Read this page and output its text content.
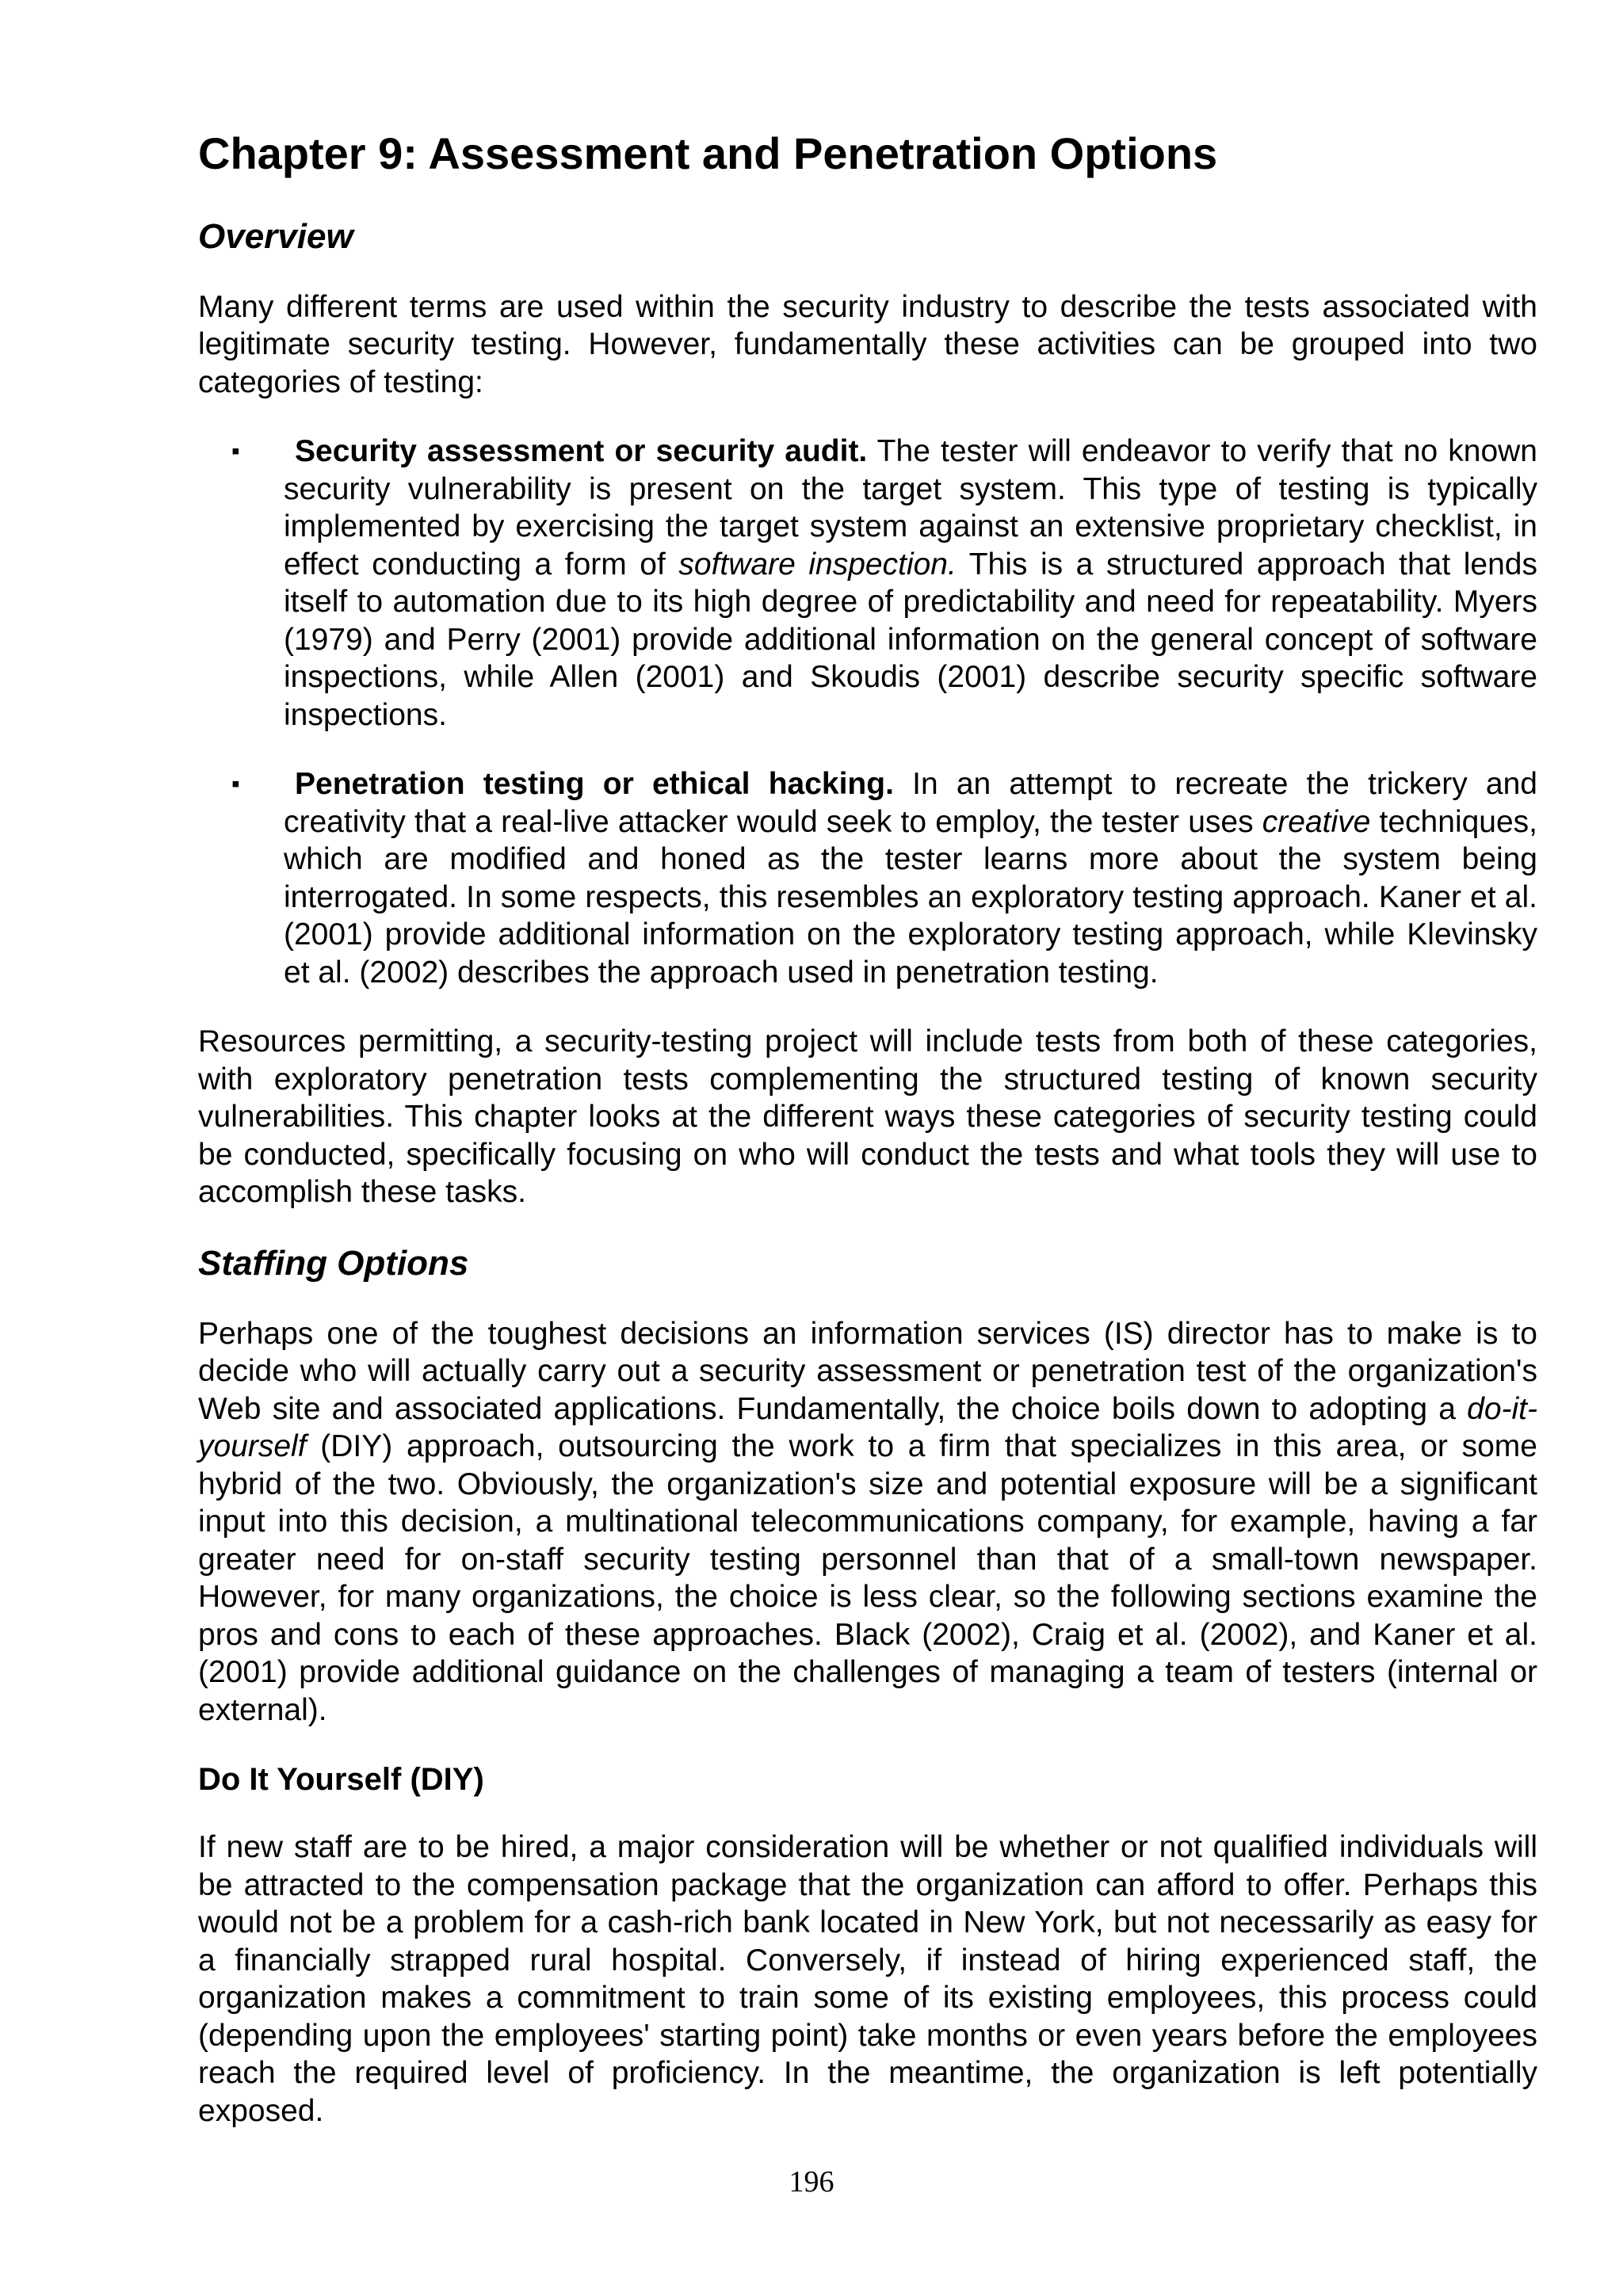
Chapter 9: Assessment and Penetration Options
Overview

Many different terms are used within the security industry to describe the tests associated with legitimate security testing. However, fundamentally these activities can be grouped into two categories of testing:

▪ Security assessment or security audit. The tester will endeavor to verify that no known security vulnerability is present on the target system. This type of testing is typically implemented by exercising the target system against an extensive proprietary checklist, in effect conducting a form of software inspection. This is a structured approach that lends itself to automation due to its high degree of predictability and need for repeatability. Myers (1979) and Perry (2001) provide additional information on the general concept of software inspections, while Allen (2001) and Skoudis (2001) describe security specific software inspections.
▪ Penetration testing or ethical hacking. In an attempt to recreate the trickery and creativity that a real-live attacker would seek to employ, the tester uses creative techniques, which are modified and honed as the tester learns more about the system being interrogated. In some respects, this resembles an exploratory testing approach. Kaner et al. (2001) provide additional information on the exploratory testing approach, while Klevinsky et al. (2002) describes the approach used in penetration testing.

Resources permitting, a security-testing project will include tests from both of these categories, with exploratory penetration tests complementing the structured testing of known security vulnerabilities. This chapter looks at the different ways these categories of security testing could be conducted, specifically focusing on who will conduct the tests and what tools they will use to accomplish these tasks.

Staffing Options

Perhaps one of the toughest decisions an information services (IS) director has to make is to decide who will actually carry out a security assessment or penetration test of the organization's Web site and associated applications. Fundamentally, the choice boils down to adopting a do-it-yourself (DIY) approach, outsourcing the work to a firm that specializes in this area, or some hybrid of the two. Obviously, the organization's size and potential exposure will be a significant input into this decision, a multinational telecommunications company, for example, having a far greater need for on-staff security testing personnel than that of a small-town newspaper. However, for many organizations, the choice is less clear, so the following sections examine the pros and cons to each of these approaches. Black (2002), Craig et al. (2002), and Kaner et al. (2001) provide additional guidance on the challenges of managing a team of testers (internal or external).

Do It Yourself (DIY)

If new staff are to be hired, a major consideration will be whether or not qualified individuals will be attracted to the compensation package that the organization can afford to offer. Perhaps this would not be a problem for a cash-rich bank located in New York, but not necessarily as easy for a financially strapped rural hospital. Conversely, if instead of hiring experienced staff, the organization makes a commitment to train some of its existing employees, this process could (depending upon the employees' starting point) take months or even years before the employees reach the required level of proficiency. In the meantime, the organization is left potentially exposed.

196
